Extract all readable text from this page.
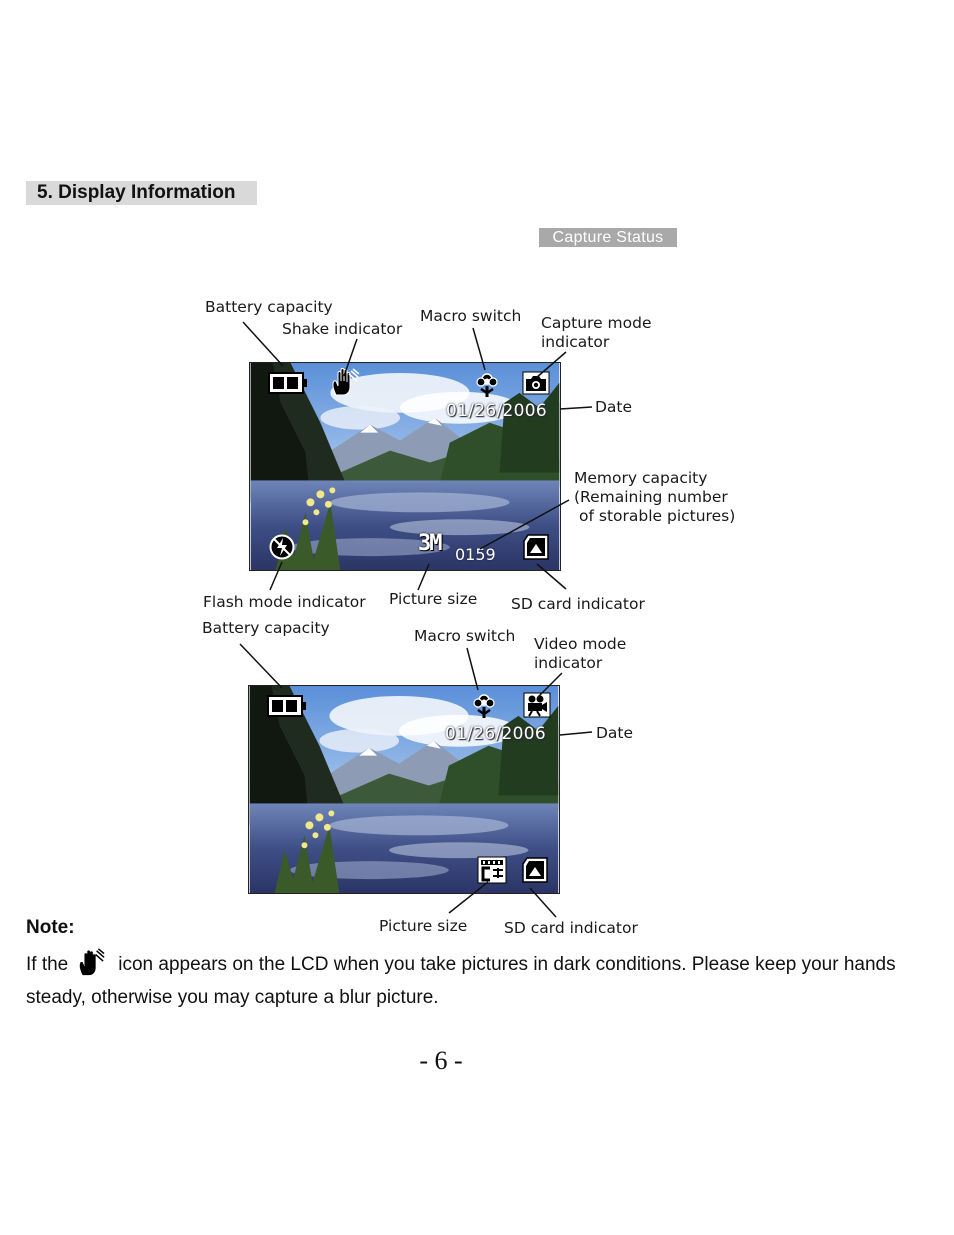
5. Display Information
Capture Status
Battery capacity
Shake indicator
Macro switch Capture mode indicator
Date
Memory capacity
(Remaining number
of storable pictures)
Flash mode indicator Picture size SD card indicator
01/26/2006
3M 0159
Battery capacity	Macro switch Video mode indicator
Date
Picture size SD card indicator
01/26/2006
Note:
If the	icon appears on the LCD when you take pictures in dark conditions. Please keep your hands steady, otherwise you may capture a blur picture.
- 6 -
